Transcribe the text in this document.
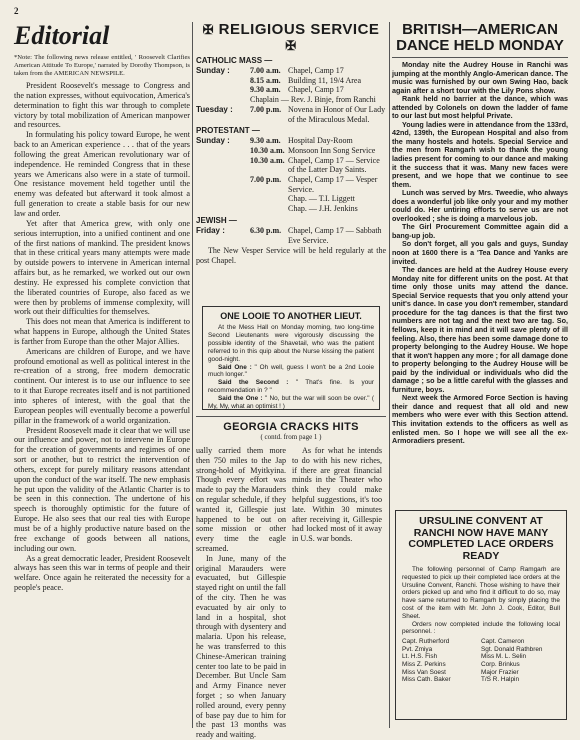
2
Editorial

*Note: The following news release entitled, ' Roosevelt Clarifies American Attitude To Europe,' narrated by Dorothy Thompson, is taken from the AMERICAN NEWSPILE.

President Roosevelt's message to Congress and the nation expresses, without equivocation, America's determination to fight this war through to complete victory by total mobilization of American manpower and resources.

In formulating his policy toward Europe, he went back to an American experience . . . that of the years following the great American revolutionary war of independence. He reminded Congress that in these years we Americans also were in a state of turmoil. One resistance movement held together until the enemy was defeated but afterward it took almost a full generation to create a stable basis for our new law and order.

Yet after that America grew, with only one serious interruption, into a unified continent and one of the first nations of mankind. The president knows that in these critical years many attempts were made by outside powers to intervene in American internal affairs but, as he remarked, we worked out our own destiny. He expressed his complete conviction that the liberated countries of Europe, also faced as we were then by problems of immense complexity, will work out their difficulties for themselves.

This does not mean that America is indifferent to what happens in Europe, although the United States is farther from Europe than the other Major Allies.

Americans are children of Europe, and we have profound emotional as well as political interest in the re-creation of a strong, free modern democratic continent. Our interest is to use our influence to see to it that Europe recreates itself and is not partitioned into spheres of interest, with the goal that the European peoples will eventually become a powerful pillar in the framework of a world organization.

President Roosevelt made it clear that we will use our influence and power, not to intervene in Europe for the creation of governments and regimes of one sort or another, but to restrict the intervention of others, except for purely military reasons attendant upon the conduct of the war itself. The new emphasis he put upon the validity of the Atlantic Charter is to be seen in this connection. The undertone of his speech is thoroughly optimistic for the future of Europe. He also sees that our real ties with Europe must be of a highly productive nature based on the free exchange of goods between all nations, including our own.

As a great democratic leader, President Roosevelt always has seen this war in terms of people and their welfare. Once again he reiterated the necessity for a people's peace.

✠ RELIGIOUS SERVICE ✠
CATHOLIC MASS —
Sunday :	7.00 a.m. Chapel, Camp 17
8.15 a.m. Building 11, 19/4 Area
9.30 a.m. Chapel, Camp 17
Chaplain — Rev. J. Binje, from Ranchi
Tuesday :	7.00 p.m. Novena in Honor of Our Lady of the Miraculous Medal.
PROTESTANT —
Sunday :	9.30 a.m. Hospital Day-Room
10.30 a.m. Monsoon Inn Song Service
10.30 a.m. Chapel, Camp 17 — Service of the Latter Day Saints.
7.00 p.m. Chapel, Camp 17 — Vesper Service.
Chap. — T.I. Liggett
Chap. — J.H. Jenkins
JEWISH —
Friday :	6.30 p.m. Chapel, Camp 17 — Sabbath Eve Service.

The New Vesper Service will be held regularly at the post Chapel.

ONE LOOIE TO ANOTHER LIEUT.

At the Mess Hall on Monday morning, two long-time Second Lieutenants were vigorously discussing the possible identity of the Shavetail, who was the patient referred to in this quip about the Nurse kissing the patient good-night.

Said One : " Oh well, guess I won't be a 2nd Looie much longer."

Said the Second : " That's fine. Is your recommendation in ? "

Said the One : " No, but the war will soon be over." ( My, My, what an optimist ! )

GEORGIA CRACKS HITS

( contd. from page 1 )

ually carried them more then 750 miles to the Jap strong-hold of Myitkyina. Though every effort was made to pay the Marauders on regular schedule, if they wanted it, Gillespie just happened to be out on some mission or other every time the eagle screamed.

In June, many of the original Marauders were evacuated, but Gillespie stayed right on until the fall of the city. Then he was evacuated by air only to land in a hospital, shot through with dysentery and malaria. Upon his release, he was transferred to this Chinese-American training center too late to be paid in December. But Uncle Sam and Army Finance never forget ; so when January rolled around, every penny of base pay due to him for the past 13 months was ready and waiting.

As for what he intends to do with his new riches, if there are great financial minds in the Theater who think they could make helpful suggestions, it's too late. Within 30 minutes after receiving it, Gillespie had locked most of it away in U.S. war bonds.

BRITISH—AMERICAN DANCE HELD MONDAY

Monday nite the Audrey House in Ranchi was jumping at the monthly Anglo-American dance. The music was furnished by our own Swing Hao, back again after a short tour with the Lily Pons show.

Rank held no barrier at the dance, which was attended by Colonels on down the ladder of fame to our last but most helpful Private.

Young ladies were in attendance from the 133rd, 42nd, 139th, the European Hospital and also from the many hostels and hotels. Special Service and the men from Ramgarh wish to thank the young ladies present for coming to our dance and making it the success that it was. Many new faces were present, and we hope that we continue to see them.

Lunch was served by Mrs. Tweedie, who always does a wonderful job like only your and my mother could do. Her untiring efforts to serve us are not overlooked ; she is doing a marvelous job.

The Girl Procurement Committee again did a bang-up job.

So don't forget, all you gals and guys, Sunday noon at 1600 there is a 'Tea Dance and Yanks are invited.

The dances are held at the Audrey House every Monday nite for different units on the post. At that time only those units may attend the dance. Special Service requests that you only attend your unit's dance. In case you don't remember, standard procedure for the tag dances is that the first two numbers are not tag and the next two are tag. So, fellows, keep it in mind and it will save plenty of ill feeling. Also, there has been some damage done to property belonging to the Audrey House. We hope that it won't happen any more ; for all damage done to property belonging to the Audrey House will be paid by the individual or individuals who did the damage ; so be a little careful with the glasses and furniture, boys.

Next week the Armored Force Section is having their dance and request that all old and new members who were ever with this Section attend. This invitation extends to the officers as well as enlisted men. So I hope we will see all the ex-Armoradiers present.

URSULINE CONVENT AT RANCHI NOW HAVE MANY COMPLETED LACE ORDERS READY

The following personnel of Camp Ramgarh are requested to pick up their completed lace orders at the Ursuline Convent, Ranchi. Those wishing to have their orders picked up and who find it difficult to do so, may have same returned to Ramgarh by simply placing the cost of the item with Mr. John J. Cook, Editor, Bull Sheet.

Orders now completed include the following local personnel. :

Capt. Rutherford	Capt. Cameron
Pvt. Zmiya	Sgt. Donald Rathbren
Lt. H.S. Fish	Miss M. L. Selin
Miss Z. Perkins	Corp. Brinkus
Miss Van Soest	Major Frazier
Miss Cath. Baker	T/S R. Halpin
